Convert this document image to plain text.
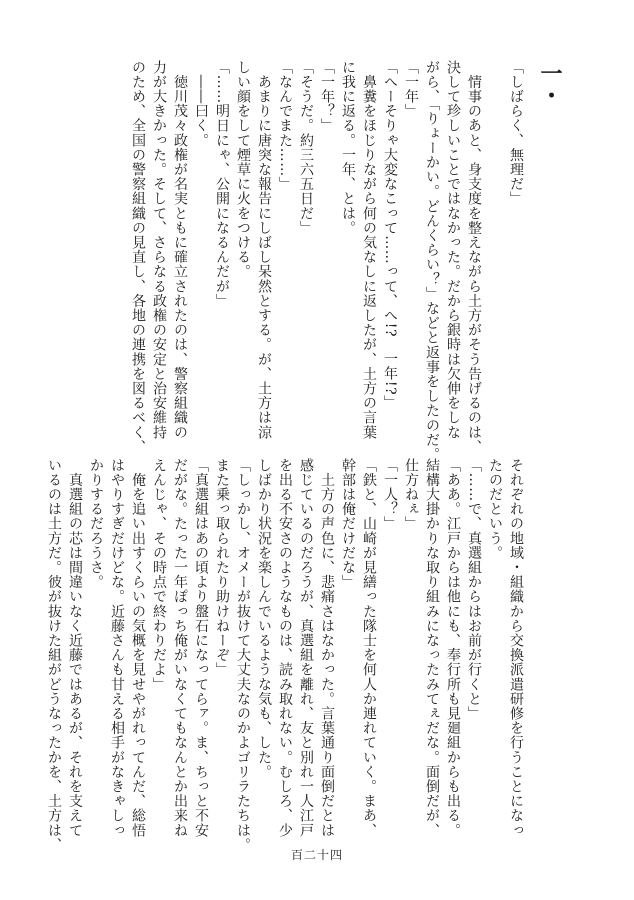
一・
「しばらく、無理だ」
　情事のあと、身支度を整えながら土方がそう告げるのは、
決して珍しいことではなかった。だから銀時は欠伸をしな
がら、「りょーかい。どんくらい？」などと返事をしたのだ。
「一年」
「へーそりゃ大変なこって……って、へ!?　一年!?」
　鼻糞をほじりながら何の気なしに返したが、土方の言葉
に我に返る。一年、とは。
「一年？」
「そうだ。約三六五日だ」
「なんでまた……」
　あまりに唐突な報告にしばし呆然とする。が、土方は涼
しい顔をして煙草に火をつける。
「……明日にゃ、公開になるんだが」
　――曰く。
　徳川茂々政権が名実ともに確立されたのは、警察組織の
力が大きかった。そして、さらなる政権の安定と治安維持
のため、全国の警察組織の見直し、各地の連携を図るべく、
それぞれの地域・組織から交換派遣研修を行うことになっ
たのだという。
「……で、真選組からはお前が行くと」
「ああ。江戸からは他にも、奉行所も見廻組からも出る。
結構大掛かりな取り組みになったみてぇだな。面倒だが、
仕方ねぇ」
「一人？」
「鉄と、山崎が見繕った隊士を何人か連れていく。まあ、
幹部は俺だけだな」
　土方の声色に、悲痛さはなかった。言葉通り面倒だとは
感じているのだろうが、真選組を離れ、友と別れ一人江戸
を出る不安さのようなものは、読み取れない。むしろ、少
しばかり状況を楽しんでいるような気も、した。
「しっかし、オメーが抜けて大丈夫なのかよゴリラたちは。
また乗っ取られたり助けねーぞ」
「真選組はあの頃より盤石になってらァ。ま、ちっと不安
だがな。たった一年ぽっち俺がいなくてもなんとか出来ね
えんじゃ、その時点で終わりだよ」
　俺を追い出すくらいの気概を見せやがれってんだ、総悟
はやりすぎだけどな。近藤さんも甘える相手がなきゃしっ
かりするだろうさ。
　真選組の芯は間違いなく近藤ではあるが、それを支えて
いるのは土方だ。彼が抜けた組がどうなったかを、土方は、
百二十四
